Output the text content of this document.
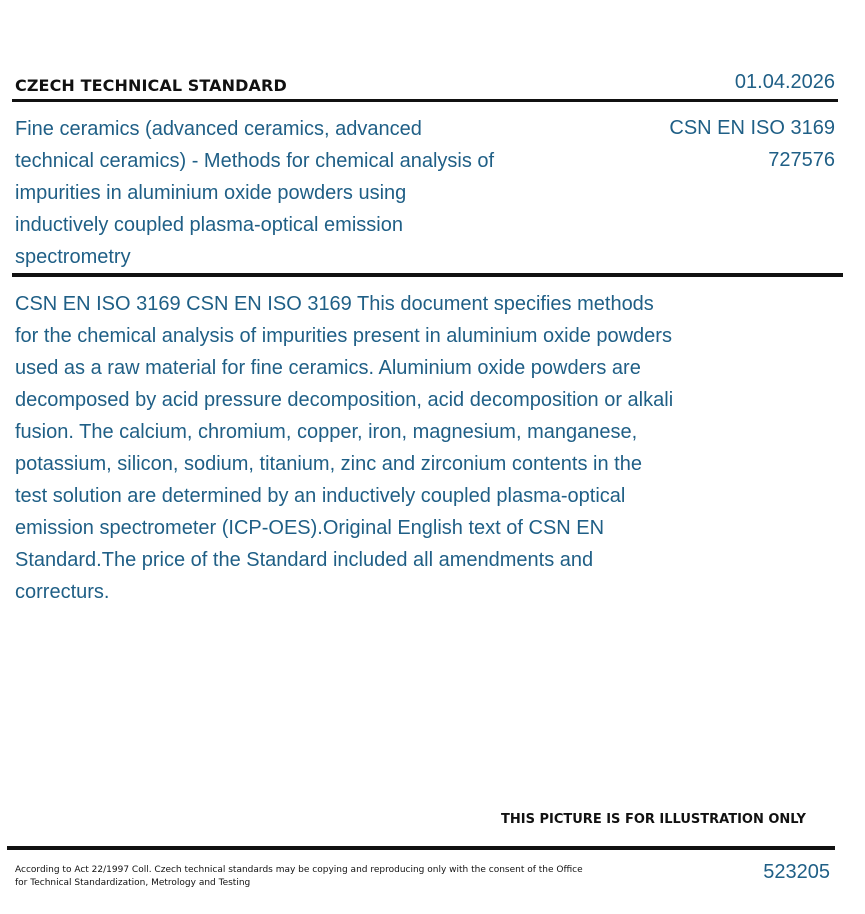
CZECH TECHNICAL STANDARD	01.04.2026
Fine ceramics (advanced ceramics, advanced technical ceramics) - Methods for chemical analysis of impurities in aluminium oxide powders using inductively coupled plasma-optical emission spectrometry
CSN EN ISO 3169
727576
CSN EN ISO 3169 CSN EN ISO 3169 This document specifies methods for the chemical analysis of impurities present in aluminium oxide powders used as a raw material for fine ceramics. Aluminium oxide powders are decomposed by acid pressure decomposition, acid decomposition or alkali fusion. The calcium, chromium, copper, iron, magnesium, manganese, potassium, silicon, sodium, titanium, zinc and zirconium contents in the test solution are determined by an inductively coupled plasma-optical emission spectrometer (ICP-OES).Original English text of CSN EN Standard.The price of the Standard included all amendments and correcturs.
THIS PICTURE IS FOR ILLUSTRATION ONLY
According to Act 22/1997 Coll. Czech technical standards may be copying and reproducing only with the consent of the Office for Technical Standardization, Metrology and Testing	523205
